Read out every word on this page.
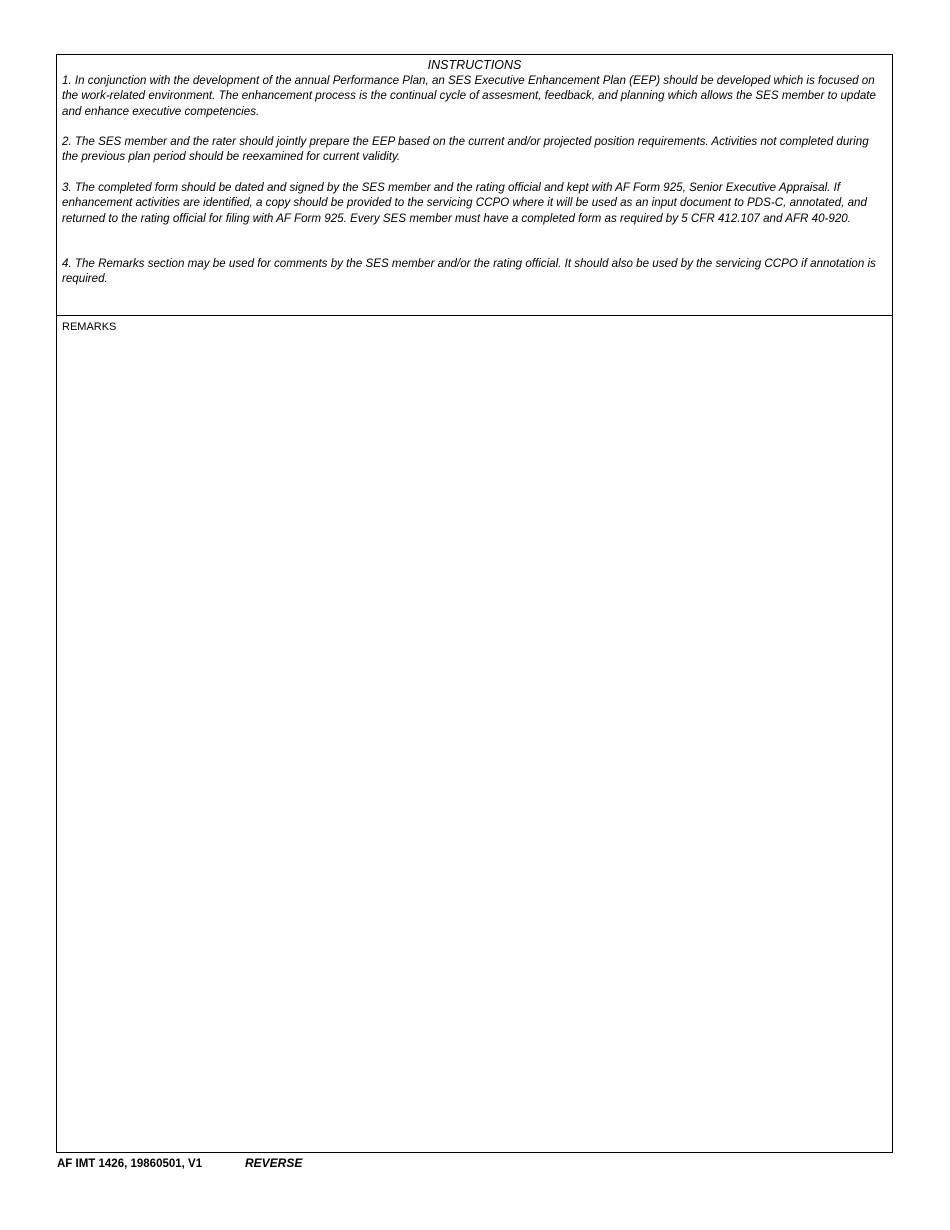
INSTRUCTIONS

1. In conjunction with the development of the annual Performance Plan, an SES Executive Enhancement Plan (EEP) should be developed which is focused on the work-related environment. The enhancement process is the continual cycle of assesment, feedback, and planning which allows the SES member to update and enhance executive competencies.

2. The SES member and the rater should jointly prepare the EEP based on the current and/or projected position requirements. Activities not completed during the previous plan period should be reexamined for current validity.

3. The completed form should be dated and signed by the SES member and the rating official and kept with AF Form 925, Senior Executive Appraisal. If enhancement activities are identified, a copy should be provided to the servicing CCPO where it will be used as an input document to PDS-C, annotated, and returned to the rating official for filing with AF Form 925. Every SES member must have a completed form as required by 5 CFR 412.107 and AFR 40-920.

4. The Remarks section may be used for comments by the SES member and/or the rating official. It should also be used by the servicing CCPO if annotation is required.

REMARKS
AF IMT 1426, 19860501, V1	REVERSE
